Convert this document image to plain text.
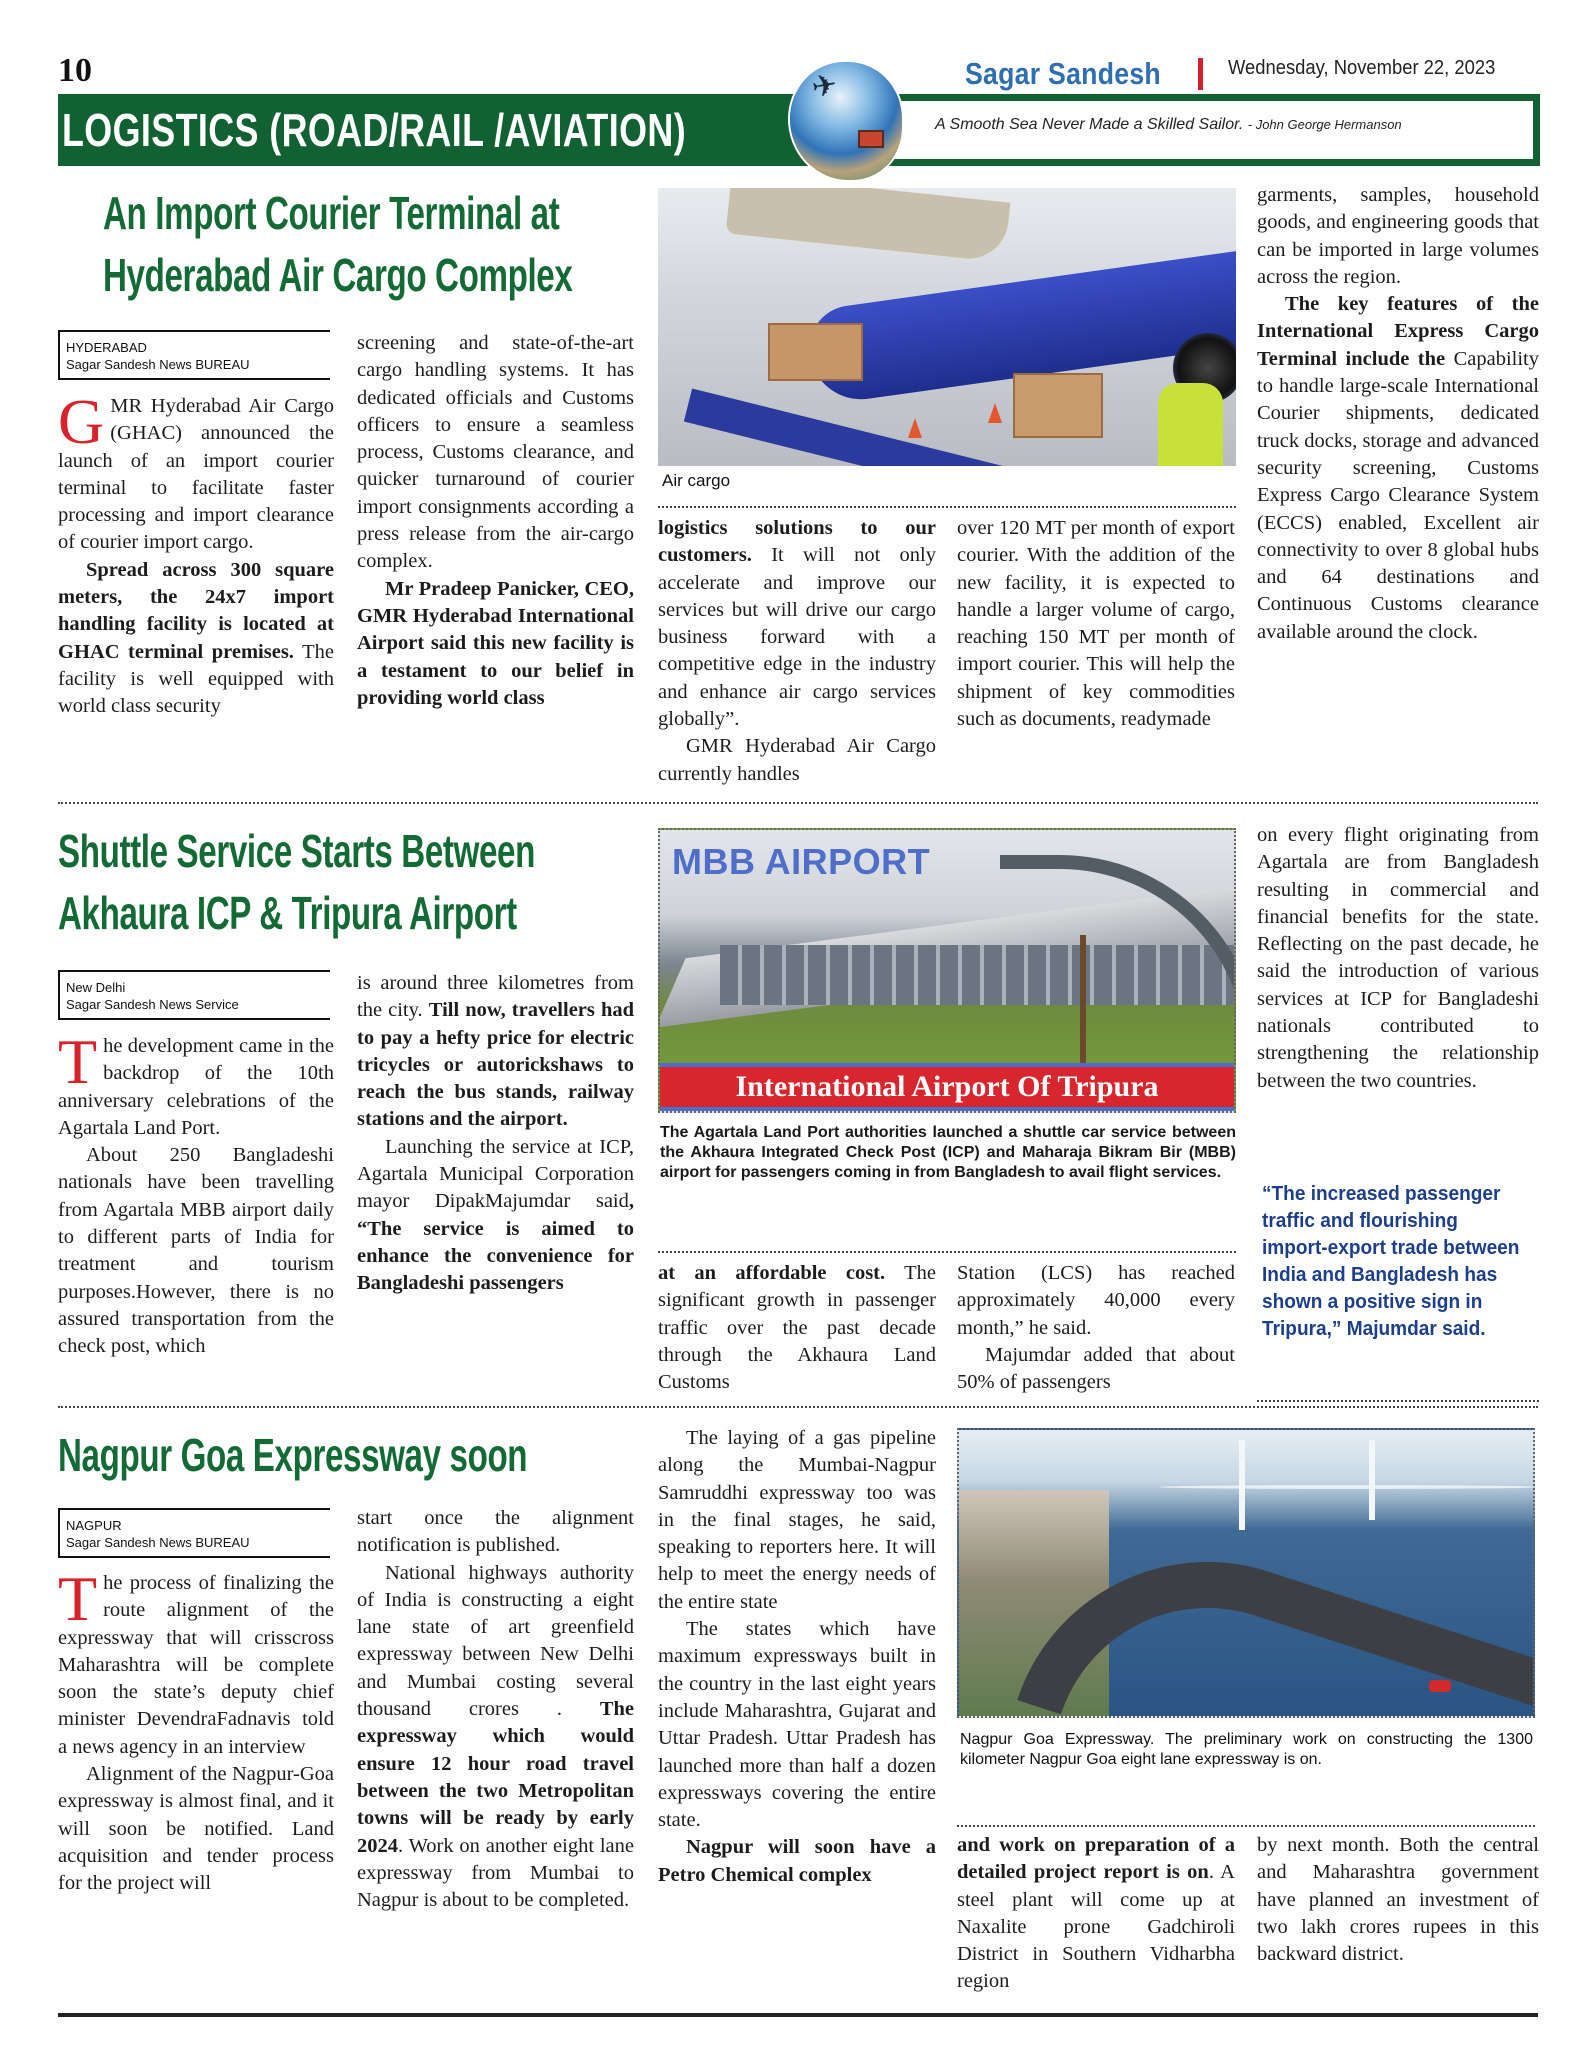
10	Sagar Sandesh	Wednesday, November 22, 2023
LOGISTICS (ROAD/RAIL /AVIATION)	A Smooth Sea Never Made a Skilled Sailor. - John George Hermanson
✈
An Import Courier Terminal at
Hyderabad Air Cargo Complex
HYDERABAD
Sagar Sandesh News BUREAU

GMR Hyderabad Air Cargo (GHAC) announced the launch of an import courier terminal to facilitate faster processing and import clearance of courier import cargo.

Spread across 300 square meters, the 24x7 import handling facility is located at GHAC terminal premises. The facility is well equipped with world class security

screening and state-of-the-art cargo handling systems. It has dedicated officials and Customs officers to ensure a seamless process, Customs clearance, and quicker turnaround of courier import consignments according a press release from the air-cargo complex.

Mr Pradeep Panicker, CEO, GMR Hyderabad International Airport said this new facility is a testament to our belief in providing world class

Air cargo

logistics solutions to our customers. It will not only accelerate and improve our services but will drive our cargo business forward with a competitive edge in the industry and enhance air cargo services globally”.

GMR Hyderabad Air Cargo currently handles

over 120 MT per month of export courier. With the addition of the new facility, it is expected to handle a larger volume of cargo, reaching 150 MT per month of import courier. This will help the shipment of key commodities such as documents, readymade

garments, samples, household goods, and engineering goods that can be imported in large volumes across the region.

The key features of the International Express Cargo Terminal include the Capability to handle large-scale International Courier shipments, dedicated truck docks, storage and advanced security screening, Customs Express Cargo Clearance System (ECCS) enabled, Excellent air connectivity to over 8 global hubs and 64 destinations and Continuous Customs clearance available around the clock.

Shuttle Service Starts Between
Akhaura ICP & Tripura Airport
New Delhi
Sagar Sandesh News Service

The development came in the backdrop of the 10th anniversary celebrations of the Agartala Land Port.

About 250 Bangladeshi nationals have been travelling from Agartala MBB airport daily to different parts of India for treatment and tourism purposes.However, there is no assured transportation from the check post, which

is around three kilometres from the city. Till now, travellers had to pay a hefty price for electric tricycles or autorickshaws to reach the bus stands, railway stations and the airport.

Launching the service at ICP, Agartala Municipal Corporation mayor DipakMajumdar said, “The service is aimed to enhance the convenience for Bangladeshi passengers

MBB AIRPORT
International Airport Of Tripura
The Agartala Land Port authorities launched a shuttle car service between the Akhaura Integrated Check Post (ICP) and Maharaja Bikram Bir (MBB) airport for passengers coming in from Bangladesh to avail flight services.

at an affordable cost. The significant growth in passenger traffic over the past decade through the Akhaura Land Customs

Station (LCS) has reached approximately 40,000 every month,” he said.

Majumdar added that about 50% of passengers

on every flight originating from Agartala are from Bangladesh resulting in commercial and financial benefits for the state. Reflecting on the past decade, he said the introduction of various services at ICP for Bangladeshi nationals contributed to strengthening the relationship between the two countries.

“The increased passenger traffic and flourishing import-export trade between India and Bangladesh has shown a positive sign in Tripura,” Majumdar said.
Nagpur Goa Expressway soon
NAGPUR
Sagar Sandesh News BUREAU

The process of finalizing the route alignment of the expressway that will crisscross Maharashtra will be complete soon the state’s deputy chief minister DevendraFadnavis told a news agency in an interview

Alignment of the Nagpur-Goa expressway is almost final, and it will soon be notified. Land acquisition and tender process for the project will

start once the alignment notification is published.

National highways authority of India is constructing a eight lane state of art greenfield expressway between New Delhi and Mumbai costing several thousand crores . The expressway which would ensure 12 hour road travel between the two Metropolitan towns will be ready by early 2024. Work on another eight lane expressway from Mumbai to Nagpur is about to be completed.

The laying of a gas pipeline along the Mumbai-Nagpur Samruddhi expressway too was in the final stages, he said, speaking to reporters here. It will help to meet the energy needs of the entire state

The states which have maximum expressways built in the country in the last eight years include Maharashtra, Gujarat and Uttar Pradesh. Uttar Pradesh has launched more than half a dozen expressways covering the entire state.

Nagpur will soon have a Petro Chemical complex

Nagpur Goa Expressway. The preliminary work on constructing the 1300 kilometer Nagpur Goa eight lane expressway is on.

and work on preparation of a detailed project report is on. A steel plant will come up at Naxalite prone Gadchiroli District in Southern Vidharbha region

by next month. Both the central and Maharashtra government have planned an investment of two lakh crores rupees in this backward district.
